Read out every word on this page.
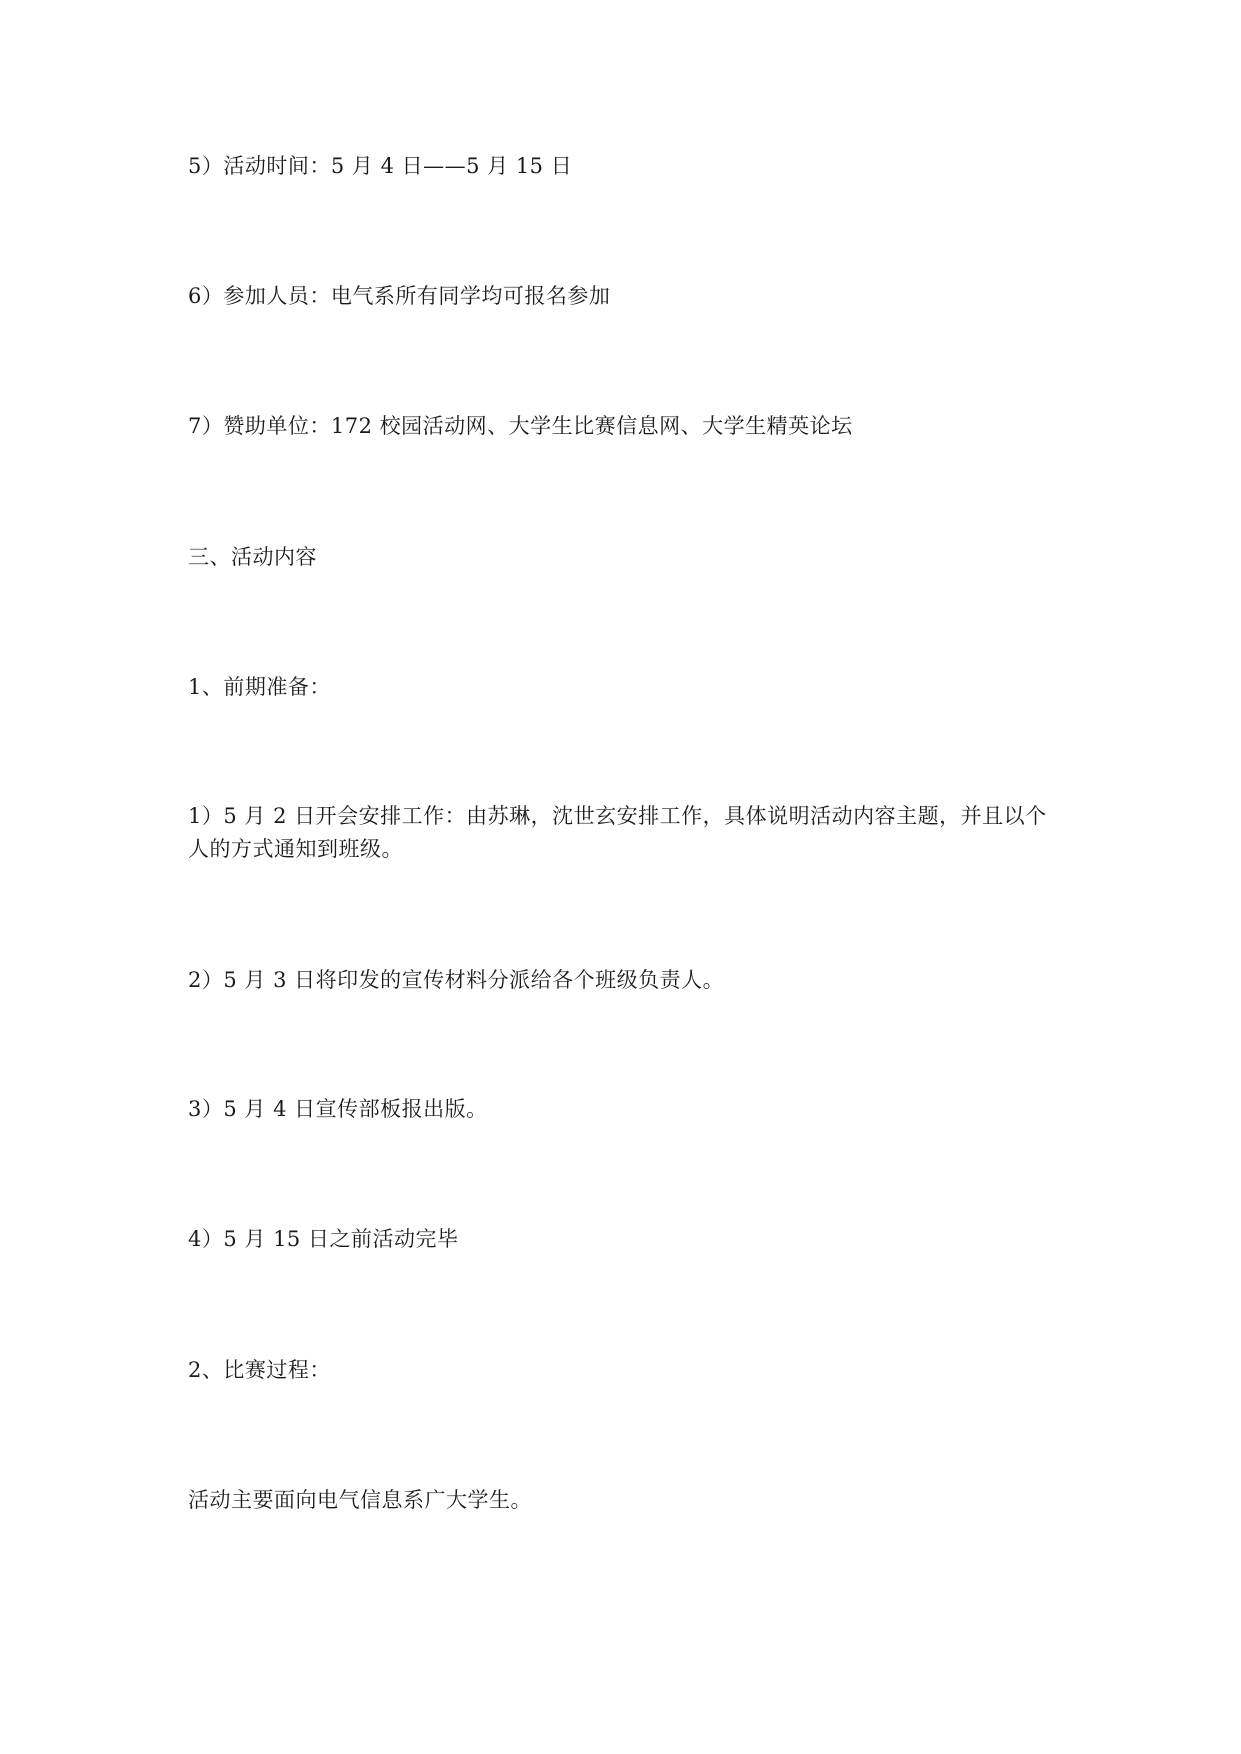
5）活动时间：5 月 4 日——5 月 15 日

6）参加人员：电气系所有同学均可报名参加

7）赞助单位：172 校园活动网、大学生比赛信息网、大学生精英论坛

三、活动内容

1、前期准备：

1）5 月 2 日开会安排工作：由苏琳，沈世玄安排工作，具体说明活动内容主题，并且以个人的方式通知到班级。

2）5 月 3 日将印发的宣传材料分派给各个班级负责人。

3）5 月 4 日宣传部板报出版。

4）5 月 15 日之前活动完毕

2、比赛过程：

活动主要面向电气信息系广大学生。
